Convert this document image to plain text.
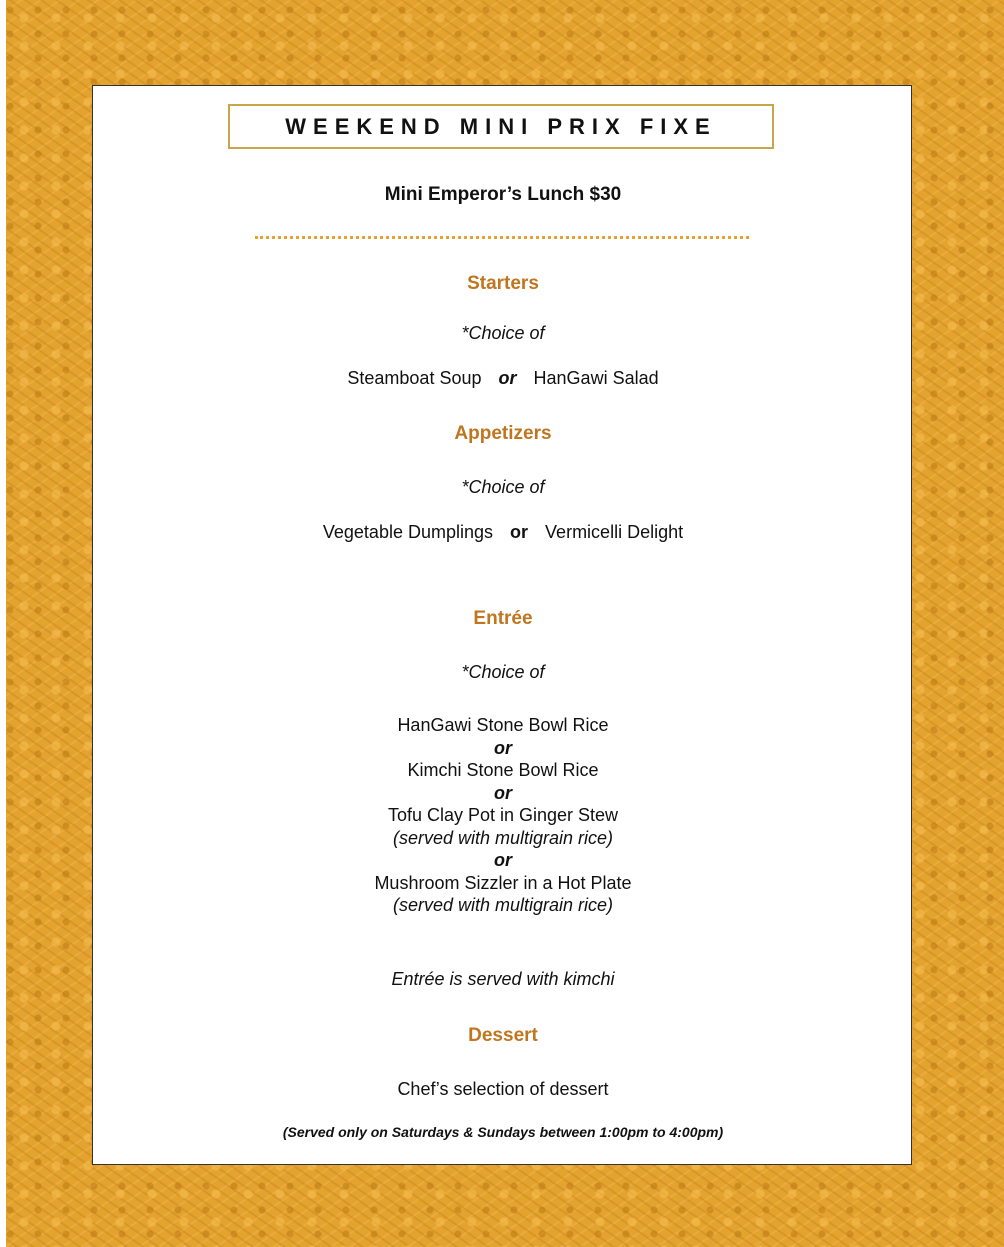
WEEKEND MINI PRIX FIXE
Mini Emperor’s Lunch $30
Starters
*Choice of
Steamboat Soup or HanGawi Salad
Appetizers
*Choice of
Vegetable Dumplings or Vermicelli Delight
Entrée
*Choice of
HanGawi Stone Bowl Rice
or
Kimchi Stone Bowl Rice
or
Tofu Clay Pot in Ginger Stew
(served with multigrain rice)
or
Mushroom Sizzler in a Hot Plate
(served with multigrain rice)
Entrée is served with kimchi
Dessert
Chef’s selection of dessert
(Served only on Saturdays & Sundays between 1:00pm to 4:00pm)
